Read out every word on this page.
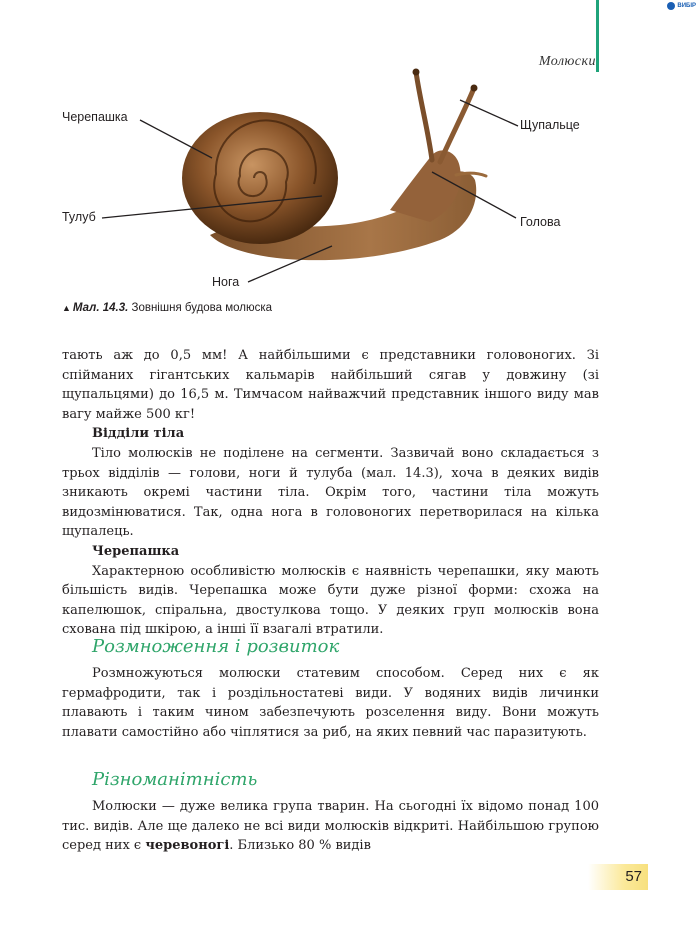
ВИБІР
Молюски
Черепашка
Тулуб
Нога
Щупальце
Голова
▲ Мал. 14.3. Зовнішня будова молюска

тають аж до 0,5 мм! А найбільшими є представники головоногих. Зі спійманих гігантських кальмарів найбільший сягав у довжину (зі щупальцями) до 16,5 м. Тимчасом найважчий представник іншого виду мав вагу майже 500 кг!

Відділи тіла

Тіло молюсків не поділене на сегменти. Зазвичай воно складається з трьох відділів — голови, ноги й тулуба (мал. 14.3), хоча в деяких видів зникають окремі частини тіла. Окрім того, частини тіла можуть видозмінюватися. Так, одна нога в головоногих перетворилася на кілька щупалець.

Черепашка

Характерною особливістю молюсків є наявність черепашки, яку мають більшість видів. Черепашка може бути дуже різної форми: схожа на капелюшок, спіральна, двостулкова тощо. У деяких груп молюсків вона схована під шкірою, а інші її взагалі втратили.

Розмноження і розвиток

Розмножуються молюски статевим способом. Серед них є як гермафродити, так і роздільностатеві види. У водяних видів личинки плавають і таким чином забезпечують розселення виду. Вони можуть плавати самостійно або чіплятися за риб, на яких певний час паразитують.

Різноманітність

Молюски — дуже велика група тварин. На сьогодні їх відомо понад 100 тис. видів. Але ще далеко не всі види молюсків відкриті. Найбільшою групою серед них є черевоногі. Близько 80 % видів

57
